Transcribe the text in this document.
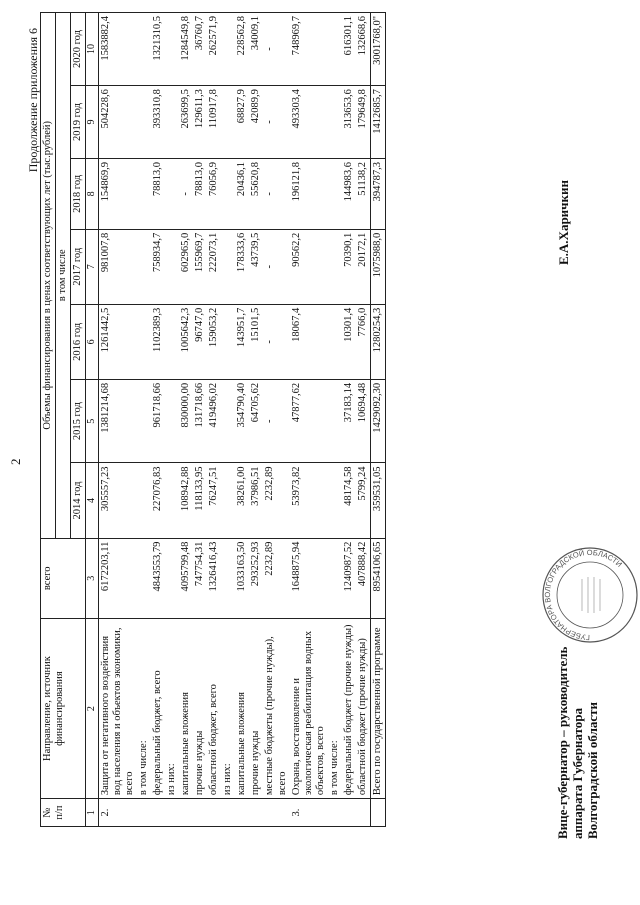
2
Продолжение приложения 6
№ п/п	Направление, источник финансирования	всего	Объемы финансирования в ценах соответствующих лет (тыс.рублей)						
			в том числе						
			2014 год	2015 год	2016 год	2017 год	2018 год	2019 год	2020 год
1	2	3	4	5	6	7	8	9	10
2.	Защита от негативного воздействия вод населения и объектов экономики, всего	6172203,11	305557,23	1381214,68	1261442,5	981007,8	154869,9	504228,6	1583882,4
	в том числе:								
	федеральный бюджет, всего	4843553,79	227076,83	961718,66	1102389,3	758934,7	78813,0	393310,8	1321310,5
	из них:								
	капитальные вложения	4095799,48	108942,88	830000,00	1005642,3	602965,0	-	263699,5	1284549,8
	прочие нужды	747754,31	118133,95	131718,66	96747,0	155969,7	78813,0	129611,3	36760,7
	областной бюджет, всего	1326416,43	76247,51	419496,02	159053,2	222073,1	76056,9	110917,8	262571,9
	из них:								
	капитальные вложения	1033163,50	38261,00	354790,40	143951,7	178333,6	20436,1	68827,9	228562,8
	прочие нужды	293252,93	37986,51	64705,62	15101,5	43739,5	55620,8	42089,9	34009,1
	местные бюджеты (прочие нужды), всего	2232,89	2232,89	-	-	-	-	-	-
3.	Охрана, восстановление и экологическая реабилитация водных объектов, всего	1648875,94	53973,82	47877,62	18067,4	90562,2	196121,8	493303,4	748969,7
	в том числе:								
	федеральный бюджет (прочие нужды)	1240987,52	48174,58	37183,14	10301,4	70390,1	144983,6	313653,6	616301,1
	областной бюджет (прочие нужды)	407888,42	5799,24	10694,48	7766,0	20172,1	51138,2	179649,8	132668,6
	Всего по государственной программе	8954106,65	359531,05	1429092,30	1280254,3	1075988,0	394787,3	1412685,7	3001768,0"
Вице-губернатор – руководитель аппарата Губернатора Волгоградской области
Е.А.Харичкин
ГУБЕРНАТОРА ВОЛГОГРАДСКОЙ ОБЛАСТИ
